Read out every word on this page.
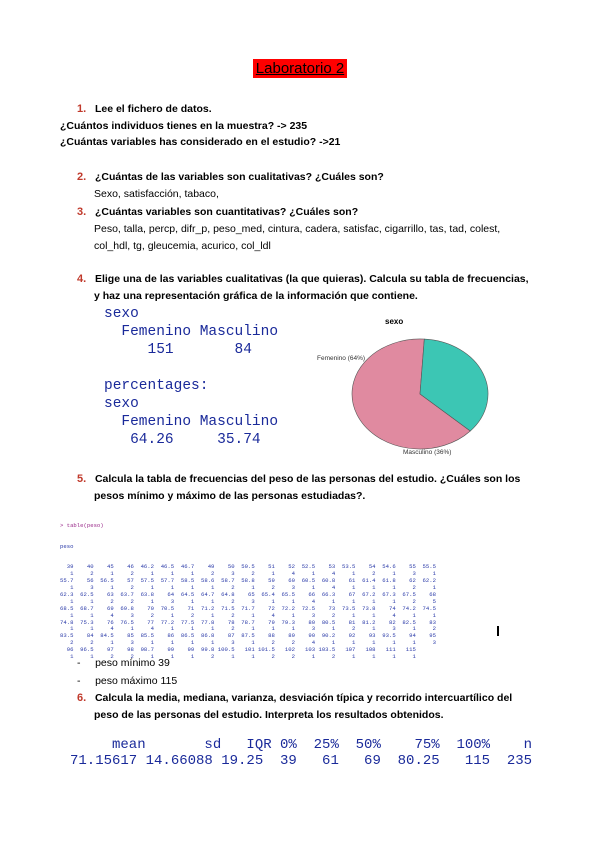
Laboratorio 2
1. Lee el fichero de datos.
¿Cuántos individuos tienes en la muestra? -> 235
¿Cuántas variables has considerado en el estudio? ->21
2. ¿Cuántas de las variables son cualitativas? ¿Cuáles son?
Sexo, satisfacción, tabaco,
3. ¿Cuántas variables son cuantitativas? ¿Cuáles son?
Peso, talla, percp, difr_p, peso_med, cintura, cadera, satisfac, cigarrillo, tas, tad, colest,
col_hdl, tg, gleucemia, acurico, col_ldl
4. Elige una de las variables cualitativas (la que quieras). Calcula su tabla de frecuencias,
y haz una representación gráfica de la información que contiene.
sexo
Femenino Masculino
151       84
percentages:
sexo
Femenino Masculino
64.26     35.74
sexo
Femenino (64%)
Masculino (36%)
5. Calcula la tabla de frecuencias del peso de las personas del estudio. ¿Cuáles son los
pesos mínimo y máximo de las personas estudiadas?.

> table(peso)

peso

39    40    45    46  46.2  46.5  46.7    49    50  50.5    51    52  52.5    53  53.5    54  54.6    55  55.5
1     2     1     2     1     1     1     2     3     2     1     4     1     4     1     2     1     3     1
55.7    56  56.5    57  57.5  57.7  58.5  58.6  58.7  58.8    59    60  60.5  60.8    61  61.4  61.8    62  62.2
1     3     1     2     1     1     1     1     2     1     2     3     1     4     1     1     1     2     1
62.3  62.5    63  63.7  63.8    64  64.5  64.7  64.8    65  65.4  65.5    66  66.3    67  67.2  67.3  67.5    68
1     1     2     2     1     3     1     1     2     3     1     1     4     1     1     1     1     2     5
68.5  68.7    69  69.8    70  70.5    71  71.2  71.5  71.7    72  72.2  72.5    73  73.5  73.8    74  74.2  74.5
1     1     4     3     2     1     2     1     2     1     4     1     3     2     1     1     4     1     1
74.8  75.3    76  76.5    77  77.2  77.5  77.8    78  78.7    79  79.3    80  80.5    81  81.2    82  82.5    83
1     1     4     1     4     1     1     1     2     1     1     1     3     1     2     1     3     1     2
83.5    84  84.5    85  85.5    86  86.5  86.8    87  87.5    88    89    90  90.2    92    93  93.5    94    95
2     2     1     3     1     1     1     1     3     1     2     2     4     1     1     1     1     1     3
96  96.5    97    98  98.7    99    99  99.8 100.5   101 101.5   102   103 103.5   107   108   111   115
1     1     2     2     1     1     1     2     1     1     2     2     1     2     1     1     1     1

-     peso mínimo 39
-     peso máximo 115
6. Calcula la media, mediana, varianza, desviación típica y recorrido intercuartílico del
peso de las personas del estudio. Interpreta los resultados obtenidos.
mean       sd   IQR 0%  25%  50%    75%  100%    n
71.15617 14.66088 19.25  39   61   69  80.25   115  235
